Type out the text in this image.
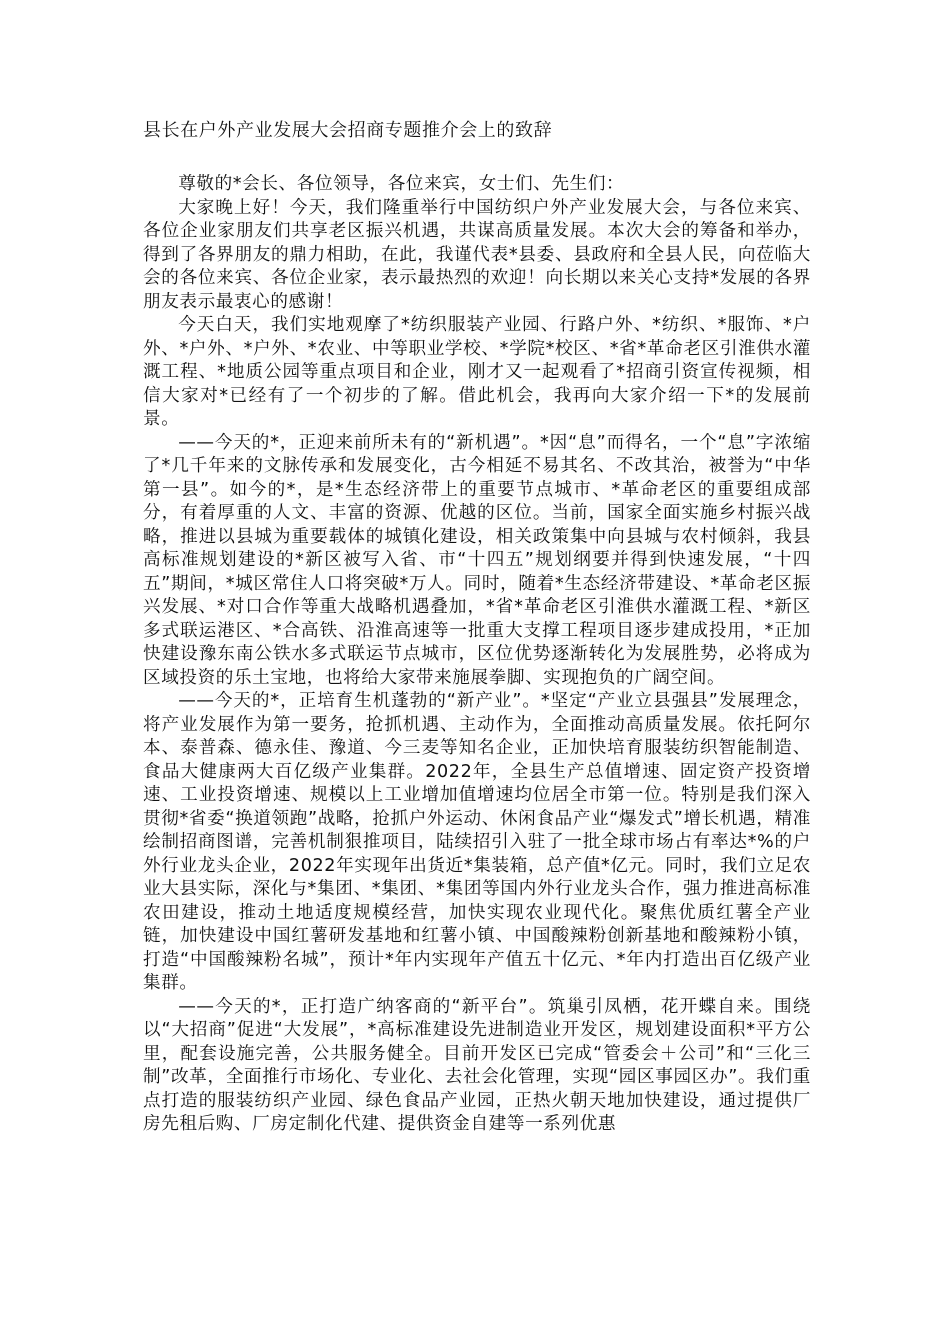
县长在户外产业发展大会招商专题推介会上的致辞

尊敬的*会长、各位领导，各位来宾，女士们、先生们：

大家晚上好！今天，我们隆重举行中国纺织户外产业发展大会，与各位来宾、各位企业家朋友们共享老区振兴机遇，共谋高质量发展。本次大会的筹备和举办，得到了各界朋友的鼎力相助，在此，我谨代表*县委、县政府和全县人民，向莅临大会的各位来宾、各位企业家，表示最热烈的欢迎！向长期以来关心支持*发展的各界朋友表示最衷心的感谢！

今天白天，我们实地观摩了*纺织服装产业园、行路户外、*纺织、*服饰、*户外、*户外、*户外、*农业、中等职业学校、*学院*校区、*省*革命老区引淮供水灌溉工程、*地质公园等重点项目和企业，刚才又一起观看了*招商引资宣传视频，相信大家对*已经有了一个初步的了解。借此机会，我再向大家介绍一下*的发展前景。

——今天的*，正迎来前所未有的“新机遇”。*因“息”而得名，一个“息”字浓缩了*几千年来的文脉传承和发展变化，古今相延不易其名、不改其治，被誉为“中华第一县”。如今的*，是*生态经济带上的重要节点城市、*革命老区的重要组成部分，有着厚重的人文、丰富的资源、优越的区位。当前，国家全面实施乡村振兴战略，推进以县城为重要载体的城镇化建设，相关政策集中向县城与农村倾斜，我县高标准规划建设的*新区被写入省、市“十四五”规划纲要并得到快速发展，“十四五”期间，*城区常住人口将突破*万人。同时，随着*生态经济带建设、*革命老区振兴发展、*对口合作等重大战略机遇叠加，*省*革命老区引淮供水灌溉工程、*新区多式联运港区、*合高铁、沿淮高速等一批重大支撑工程项目逐步建成投用，*正加快建设豫东南公铁水多式联运节点城市，区位优势逐渐转化为发展胜势，必将成为区域投资的乐土宝地，也将给大家带来施展拳脚、实现抱负的广阔空间。

——今天的*，正培育生机蓬勃的“新产业”。*坚定“产业立县强县”发展理念，将产业发展作为第一要务，抢抓机遇、主动作为，全面推动高质量发展。依托阿尔本、泰普森、德永佳、豫道、今三麦等知名企业，正加快培育服装纺织智能制造、食品大健康两大百亿级产业集群。2022年，全县生产总值增速、固定资产投资增速、工业投资增速、规模以上工业增加值增速均位居全市第一位。特别是我们深入贯彻*省委“换道领跑”战略，抢抓户外运动、休闲食品产业“爆发式”增长机遇，精准绘制招商图谱，完善机制狠推项目，陆续招引入驻了一批全球市场占有率达*%的户外行业龙头企业，2022年实现年出货近*集装箱，总产值*亿元。同时，我们立足农业大县实际，深化与*集团、*集团、*集团等国内外行业龙头合作，强力推进高标准农田建设，推动土地适度规模经营，加快实现农业现代化。聚焦优质红薯全产业链，加快建设中国红薯研发基地和红薯小镇、中国酸辣粉创新基地和酸辣粉小镇，打造“中国酸辣粉名城”，预计*年内实现年产值五十亿元、*年内打造出百亿级产业集群。

——今天的*，正打造广纳客商的“新平台”。筑巢引凤栖，花开蝶自来。围绕以“大招商”促进“大发展”，*高标准建设先进制造业开发区，规划建设面积*平方公里，配套设施完善，公共服务健全。目前开发区已完成“管委会＋公司”和“三化三制”改革，全面推行市场化、专业化、去社会化管理，实现“园区事园区办”。我们重点打造的服装纺织产业园、绿色食品产业园，正热火朝天地加快建设，通过提供厂房先租后购、厂房定制化代建、提供资金自建等一系列优惠
